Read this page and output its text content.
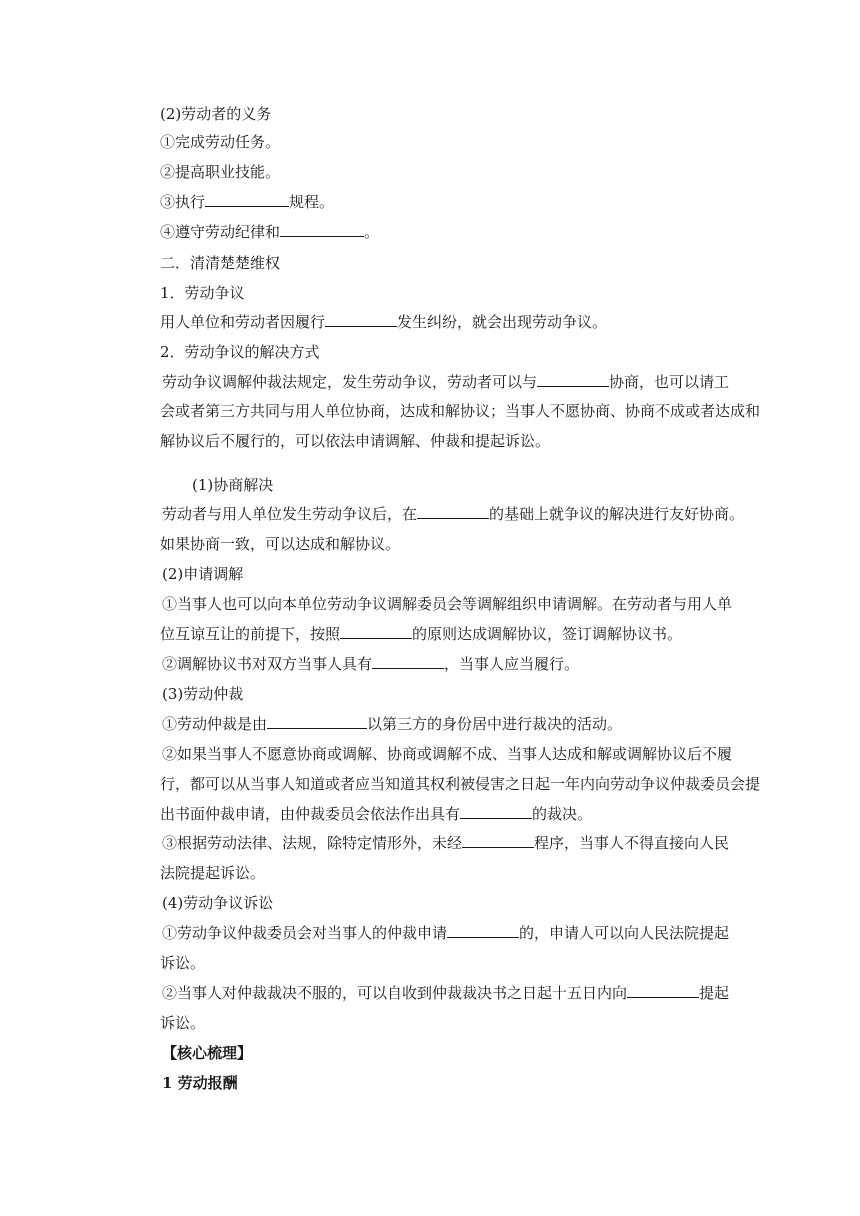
(2)劳动者的义务
①完成劳动任务。
②提高职业技能。
③执行	规程。
④遵守劳动纪律和	。
二．清清楚楚维权
1．劳动争议
用人单位和劳动者因履行	发生纠纷，就会出现劳动争议。
2．劳动争议的解决方式
劳动争议调解仲裁法规定，发生劳动争议，劳动者可以与	协商，也可以请工
会或者第三方共同与用人单位协商，达成和解协议；当事人不愿协商、协商不成或者达成和
解协议后不履行的，可以依法申请调解、仲裁和提起诉讼。
(1)协商解决
劳动者与用人单位发生劳动争议后，在	的基础上就争议的解决进行友好协商。
如果协商一致，可以达成和解协议。
(2)申请调解
①当事人也可以向本单位劳动争议调解委员会等调解组织申请调解。在劳动者与用人单
位互谅互让的前提下，按照	的原则达成调解协议，签订调解协议书。
②调解协议书对双方当事人具有	，当事人应当履行。
(3)劳动仲裁
①劳动仲裁是由	以第三方的身份居中进行裁决的活动。
②如果当事人不愿意协商或调解、协商或调解不成、当事人达成和解或调解协议后不履
行，都可以从当事人知道或者应当知道其权利被侵害之日起一年内向劳动争议仲裁委员会提
出书面仲裁申请，由仲裁委员会依法作出具有	的裁决。
③根据劳动法律、法规，除特定情形外，未经	程序，当事人不得直接向人民
法院提起诉讼。
(4)劳动争议诉讼
①劳动争议仲裁委员会对当事人的仲裁申请	的，申请人可以向人民法院提起
诉讼。
②当事人对仲裁裁决不服的，可以自收到仲裁裁决书之日起十五日内向	提起
诉讼。
【核心梳理】
1 劳动报酬
